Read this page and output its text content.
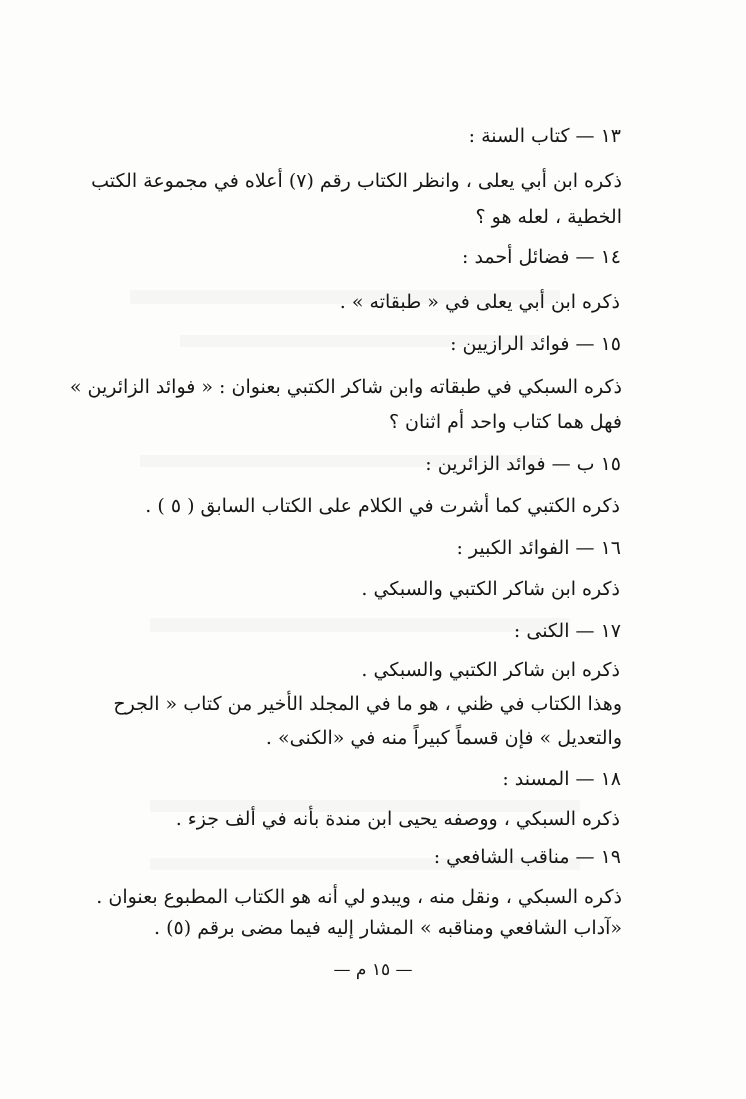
١٣ — كتاب السنة :
ذكره ابن أبي يعلى ، وانظر الكتاب رقم (٧) أعلاه في مجموعة الكتب
الخطية ، لعله هو ؟
١٤ — فضائل أحمد :
ذكره ابن أبي يعلى في « طبقاته » .
١٥ — فوائد الرازيين :
ذكره السبكي في طبقاته وابن شاكر الكتبي بعنوان : « فوائد الزائرين »
فهل هما كتاب واحد أم اثنان ؟
١٥ ب — فوائد الزائرين :
ذكره الكتبي كما أشرت في الكلام على الكتاب السابق ( ٥ ) .
١٦ — الفوائد الكبير :
ذكره ابن شاكر الكتبي والسبكي .
١٧ — الكنى :
ذكره ابن شاكر الكتبي والسبكي .
وهذا الكتاب في ظني ، هو ما في المجلد الأخير من كتاب « الجرح
والتعديل » فإن قسماً كبيراً منه في «الكنى» .
١٨ — المسند :
ذكره السبكي ، ووصفه يحيى ابن مندة بأنه في ألف جزء .
١٩ — مناقب الشافعي :
ذكره السبكي ، ونقل منه ، ويبدو لي أنه هو الكتاب المطبوع بعنوان .
«آداب الشافعي ومناقبه » المشار إليه فيما مضى برقم (٥) .
— ١٥ م —
